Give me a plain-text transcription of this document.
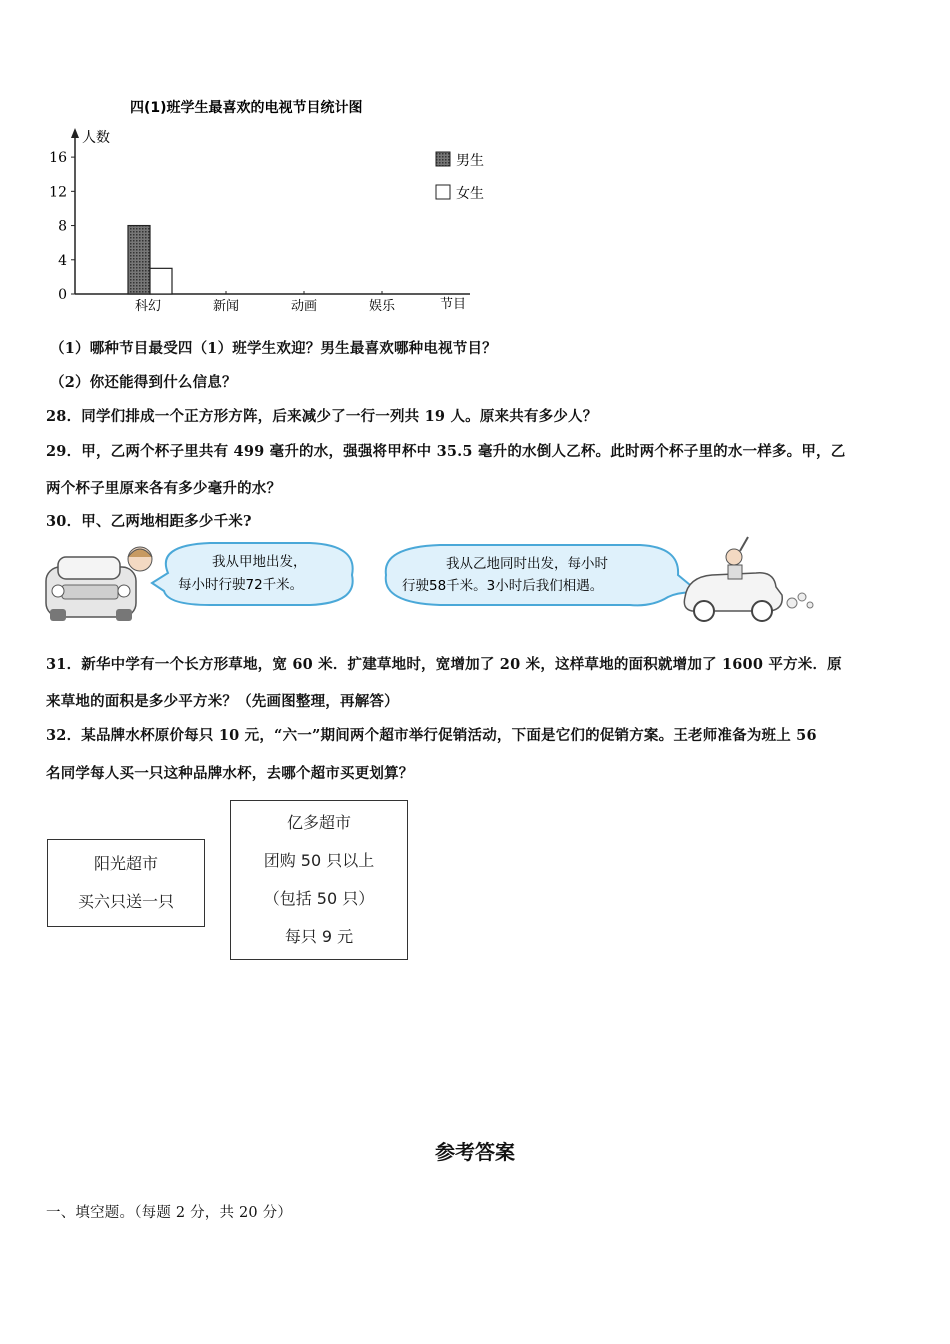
四(1)班学生最喜欢的电视节目统计图
人数
节目
0
4
8
12
16
科幻	新闻	动画	娱乐
男生
女生
（1）哪种节目最受四（1）班学生欢迎？男生最喜欢哪种电视节目？
（2）你还能得到什么信息？
28．同学们排成一个正方形方阵，后来减少了一行一列共 19 人。原来共有多少人？
29．甲，乙两个杯子里共有 499 毫升的水，强强将甲杯中 35.5 毫升的水倒人乙杯。此时两个杯子里的水一样多。甲，乙
两个杯子里原来各有多少毫升的水？
30．甲、乙两地相距多少千米?
我从甲地出发，
每小时行驶72千米。
我从乙地同时出发，每小时
行驶58千米。3小时后我们相遇。
31．新华中学有一个长方形草地，宽 60 米．扩建草地时，宽增加了 20 米，这样草地的面积就增加了 1600 平方米．原
来草地的面积是多少平方米？（先画图整理，再解答）
32．某品牌水杯原价每只 10 元，“六一”期间两个超市举行促销活动，下面是它们的促销方案。王老师准备为班上 56
名同学每人买一只这种品牌水杯，去哪个超市买更划算？
阳光超市
买六只送一只
亿多超市
团购 50 只以上
（包括 50 只）
每只 9 元
参考答案
一、填空题。（每题 2 分，共 20 分）
